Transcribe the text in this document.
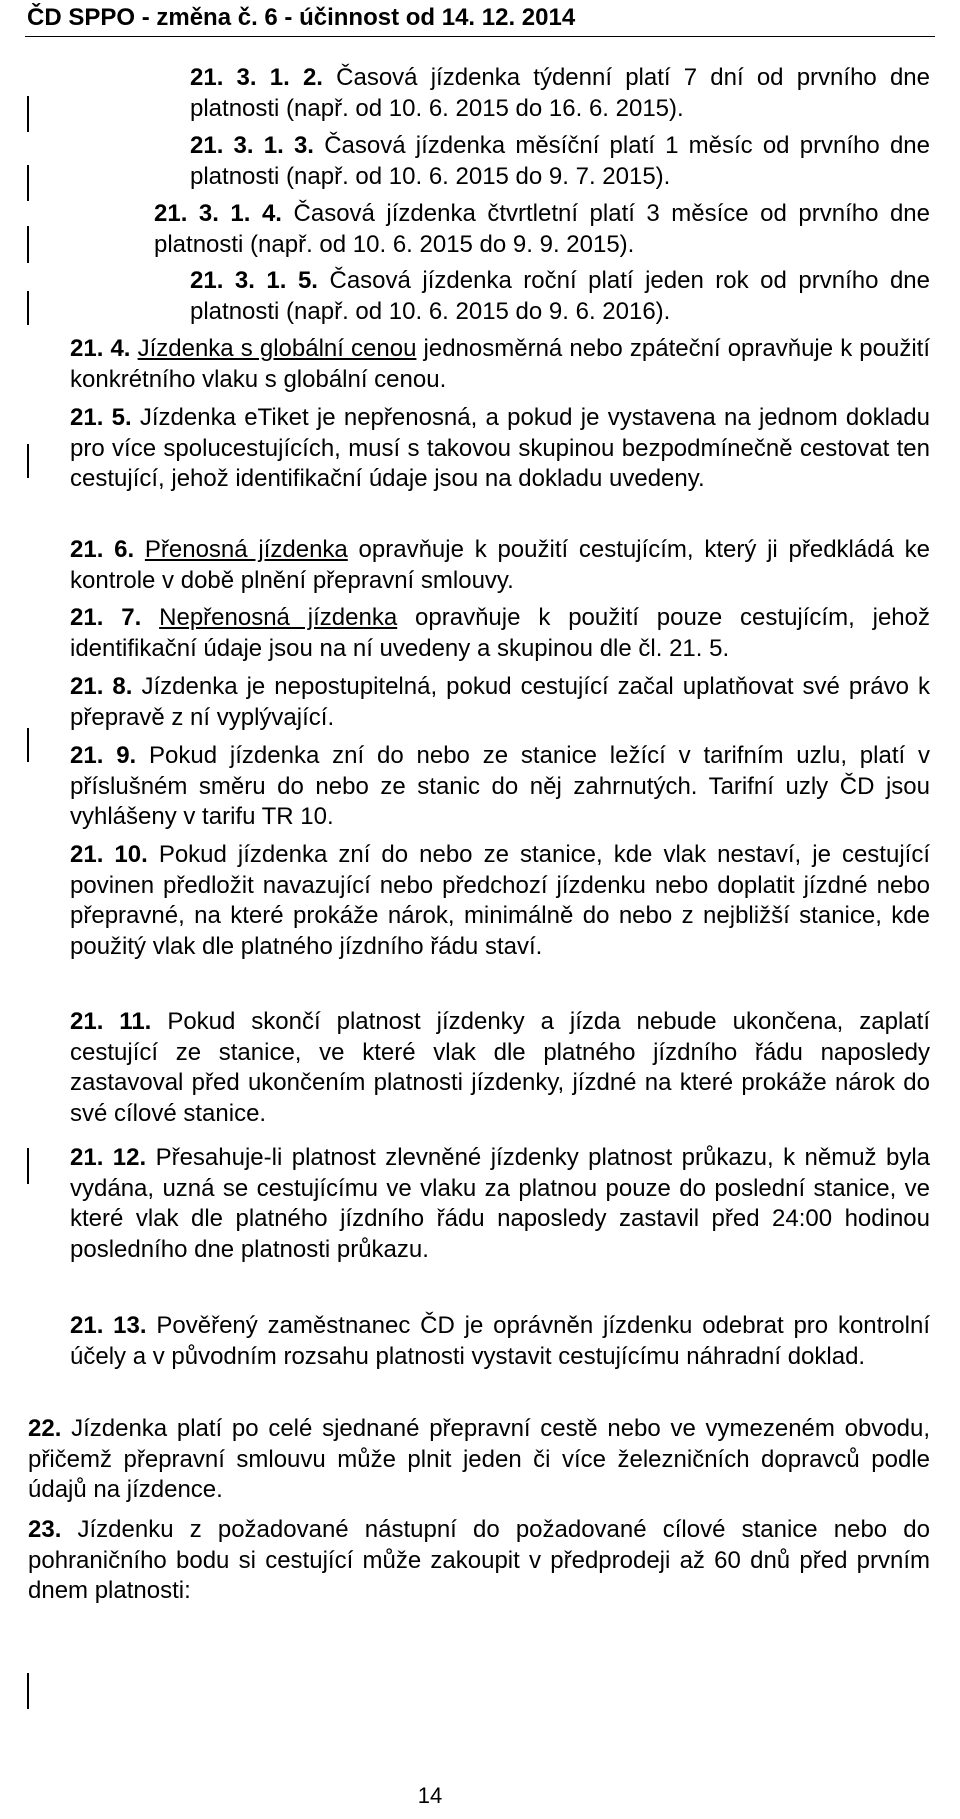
ČD SPPO - změna č. 6 - účinnost od 14. 12. 2014
21. 3. 1. 2. Časová jízdenka týdenní platí 7 dní od prvního dne platnosti (např. od 10. 6. 2015 do 16. 6. 2015).
21. 3. 1. 3. Časová jízdenka měsíční platí 1 měsíc od prvního dne platnosti (např. od 10. 6. 2015 do 9. 7. 2015).
21. 3. 1. 4. Časová jízdenka čtvrtletní platí 3 měsíce od prvního dne platnosti (např. od 10. 6. 2015 do 9. 9. 2015).
21. 3. 1. 5. Časová jízdenka roční platí jeden rok od prvního dne platnosti (např. od 10. 6. 2015 do 9. 6. 2016).
21. 4. Jízdenka s globální cenou jednosměrná nebo zpáteční opravňuje k použití konkrétního vlaku s globální cenou.
21. 5. Jízdenka eTiket je nepřenosná, a pokud je vystavena na jednom dokladu pro více spolucestujících, musí s takovou skupinou bezpodmínečně cestovat ten cestující, jehož identifikační údaje jsou na dokladu uvedeny.
21. 6. Přenosná jízdenka opravňuje k použití cestujícím, který ji předkládá ke kontrole v době plnění přepravní smlouvy.
21. 7. Nepřenosná jízdenka opravňuje k použití pouze cestujícím, jehož identifikační údaje jsou na ní uvedeny a skupinou dle čl. 21. 5.
21. 8. Jízdenka je nepostupitelná, pokud cestující začal uplatňovat své právo k přepravě z ní vyplývající.
21. 9. Pokud jízdenka zní do nebo ze stanice ležící v tarifním uzlu, platí v příslušném směru do nebo ze stanic do něj zahrnutých. Tarifní uzly ČD jsou vyhlášeny v tarifu TR 10.
21. 10. Pokud jízdenka zní do nebo ze stanice, kde vlak nestaví, je cestující povinen předložit navazující nebo předchozí jízdenku nebo doplatit jízdné nebo přepravné, na které prokáže nárok, minimálně do nebo z nejbližší stanice, kde použitý vlak dle platného jízdního řádu staví.
21. 11. Pokud skončí platnost jízdenky a jízda nebude ukončena, zaplatí cestující ze stanice, ve které vlak dle platného jízdního řádu naposledy zastavoval před ukončením platnosti jízdenky, jízdné na které prokáže nárok do své cílové stanice.
21. 12. Přesahuje-li platnost zlevněné jízdenky platnost průkazu, k němuž byla vydána, uzná se cestujícímu ve vlaku za platnou pouze do poslední stanice, ve které vlak dle platného jízdního řádu naposledy zastavil před 24:00 hodinou posledního dne platnosti průkazu.
21. 13. Pověřený zaměstnanec ČD je oprávněn jízdenku odebrat pro kontrolní účely a v původním rozsahu platnosti vystavit cestujícímu náhradní doklad.
22. Jízdenka platí po celé sjednané přepravní cestě nebo ve vymezeném obvodu, přičemž přepravní smlouvu může plnit jeden či více železničních dopravců podle údajů na jízdence.
23. Jízdenku z požadované nástupní do požadované cílové stanice nebo do pohraničního bodu si cestující může zakoupit v předprodeji až 60 dnů před prvním dnem platnosti:
14
